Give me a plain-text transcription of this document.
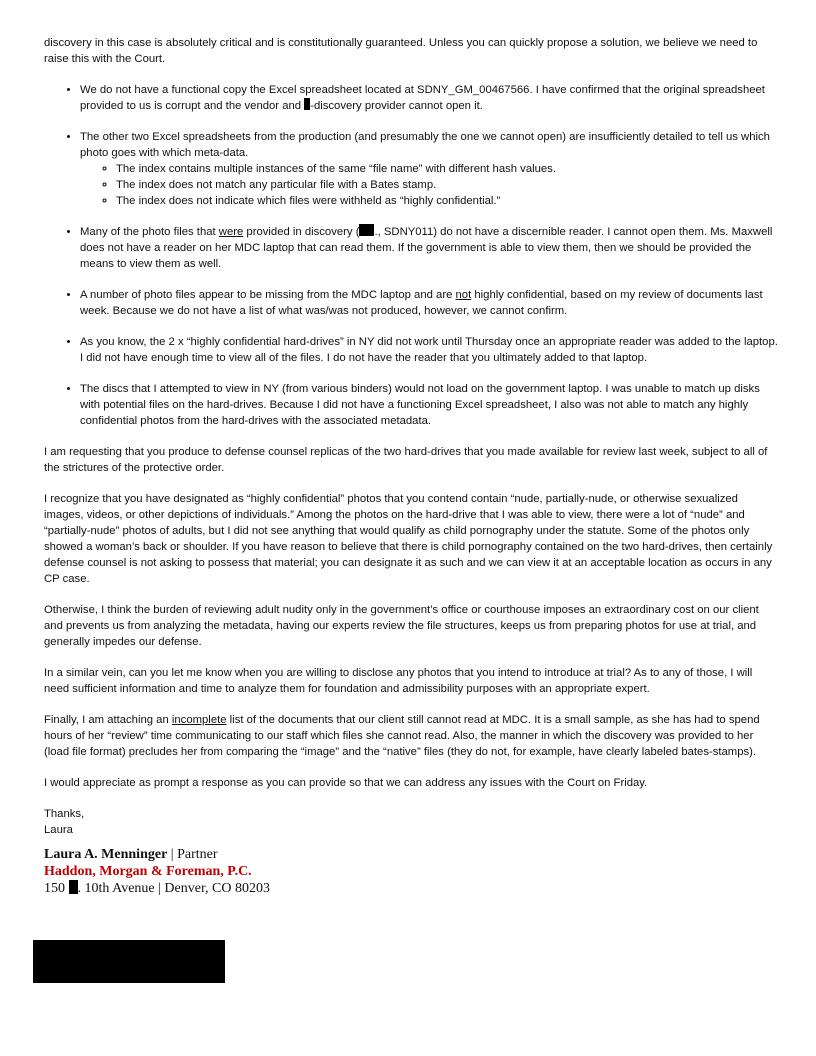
discovery in this case is absolutely critical and is constitutionally guaranteed. Unless you can quickly propose a solution, we believe we need to raise this with the Court.

• We do not have a functional copy the Excel spreadsheet located at SDNY_GM_00467566. I have confirmed that the original spreadsheet provided to us is corrupt and the vendor and -discovery provider cannot open it.
• The other two Excel spreadsheets from the production (and presumably the one we cannot open) are insufficiently detailed to tell us which photo goes with which meta-data.
◦ The index contains multiple instances of the same “file name” with different hash values.
◦ The index does not match any particular file with a Bates stamp.
◦ The index does not indicate which files were withheld as “highly confidential.”
• Many of the photo files that were provided in discovery ( ., SDNY011) do not have a discernible reader. I cannot open them. Ms. Maxwell does not have a reader on her MDC laptop that can read them. If the government is able to view them, then we should be provided the means to view them as well.
• A number of photo files appear to be missing from the MDC laptop and are not highly confidential, based on my review of documents last week. Because we do not have a list of what was/was not produced, however, we cannot confirm.
• As you know, the 2 x “highly confidential hard-drives” in NY did not work until Thursday once an appropriate reader was added to the laptop. I did not have enough time to view all of the files. I do not have the reader that you ultimately added to that laptop.
• The discs that I attempted to view in NY (from various binders) would not load on the government laptop. I was unable to match up disks with potential files on the hard-drives. Because I did not have a functioning Excel spreadsheet, I also was not able to match any highly confidential photos from the hard-drives with the associated metadata.

I am requesting that you produce to defense counsel replicas of the two hard-drives that you made available for review last week, subject to all of the strictures of the protective order.

I recognize that you have designated as “highly confidential” photos that you contend contain “nude, partially-nude, or otherwise sexualized images, videos, or other depictions of individuals.” Among the photos on the hard-drive that I was able to view, there were a lot of “nude” and “partially-nude” photos of adults, but I did not see anything that would qualify as child pornography under the statute. Some of the photos only showed a woman’s back or shoulder. If you have reason to believe that there is child pornography contained on the two hard-drives, then certainly defense counsel is not asking to possess that material; you can designate it as such and we can view it at an acceptable location as occurs in any CP case.

Otherwise, I think the burden of reviewing adult nudity only in the government’s office or courthouse imposes an extraordinary cost on our client and prevents us from analyzing the metadata, having our experts review the file structures, keeps us from preparing photos for use at trial, and generally impedes our defense.

In a similar vein, can you let me know when you are willing to disclose any photos that you intend to introduce at trial? As to any of those, I will need sufficient information and time to analyze them for foundation and admissibility purposes with an appropriate expert.

Finally, I am attaching an incomplete list of the documents that our client still cannot read at MDC. It is a small sample, as she has had to spend hours of her “review” time communicating to our staff which files she cannot read. Also, the manner in which the discovery was provided to her (load file format) precludes her from comparing the “image” and the “native” files (they do not, for example, have clearly labeled bates-stamps).

I would appreciate as prompt a response as you can provide so that we can address any issues with the Court on Friday.

Thanks,
Laura
Laura A. Menninger | Partner
Haddon, Morgan & Foreman, P.C.
150 . 10th Avenue | Denver, CO 80203
